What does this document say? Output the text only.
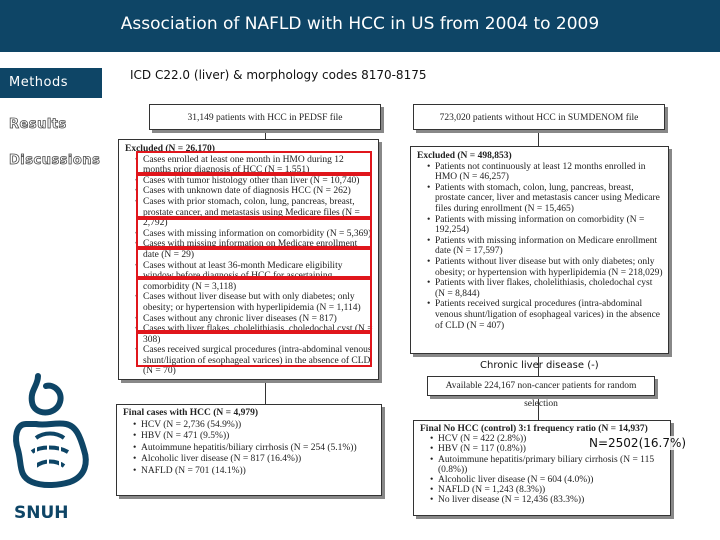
Association of NAFLD with HCC in US from 2004 to 2009
Methods
Results
Discussions
ICD C22.0 (liver) & morphology codes 8170-8175
31,149 patients with HCC in PEDSF file	723,020 patients without HCC in SUMDENOM file
Excluded (N = 26,170)
• Cases enrolled at least one month in HMO during 12 months prior diagnosis of HCC (N = 1,551)
• Cases with tumor histology other than liver (N = 10,740)
• Cases with unknown date of diagnosis HCC (N = 262)
• Cases with prior stomach, colon, lung, pancreas, breast, prostate cancer, and metastasis using Medicare files (N = 2,792)
• Cases with missing information on comorbidity (N = 5,369)
• Cases with missing information on Medicare enrollment date (N = 29)
• Cases without at least 36-month Medicare eligibility window before diagnosis of HCC for ascertaining comorbidity (N = 3,118)
• Cases without liver disease but with only diabetes; only obesity; or hypertension with hyperlipidemia (N = 1,114)
• Cases without any chronic liver diseases (N = 817)
• Cases with liver flakes, cholelithiasis, choledochal cyst (N = 308)
• Cases received surgical procedures (intra-abdominal venous shunt/ligation of esophageal varices) in the absence of CLD (N = 70)
Excluded (N = 498,853)
• Patients not continuously at least 12 months enrolled in HMO (N = 46,257)
• Patients with stomach, colon, lung, pancreas, breast, prostate cancer, liver and metastasis cancer using Medicare files during enrollment (N = 15,465)
• Patients with missing information on comorbidity (N = 192,254)
• Patients with missing information on Medicare enrollment date (N = 17,597)
• Patients without liver disease but with only diabetes; only obesity; or hypertension with hyperlipidemia (N = 218,029)
• Patients with liver flakes, cholelithiasis, choledochal cyst (N = 8,844)
• Patients received surgical procedures (intra-abdominal venous shunt/ligation of esophageal varices) in the absence of CLD (N = 407)
Chronic liver disease (-)
Available 224,167 non-cancer patients for random selection
Final cases with HCC (N = 4,979)
• HCV (N = 2,736 (54.9%))
• HBV (N = 471 (9.5%))
• Autoimmune hepatitis/biliary cirrhosis (N = 254 (5.1%))
• Alcoholic liver disease (N = 817 (16.4%))
• NAFLD (N = 701 (14.1%))
Final No HCC (control) 3:1 frequency ratio (N = 14,937)
• HCV (N = 422 (2.8%))
• HBV (N = 117 (0.8%))
• Autoimmune hepatitis/primary biliary cirrhosis (N = 115 (0.8%))
• Alcoholic liver disease (N = 604 (4.0%))
• NAFLD (N = 1,243 (8.3%))
• No liver disease (N = 12,436 (83.3%))
N=2502(16.7%)
SNUH
